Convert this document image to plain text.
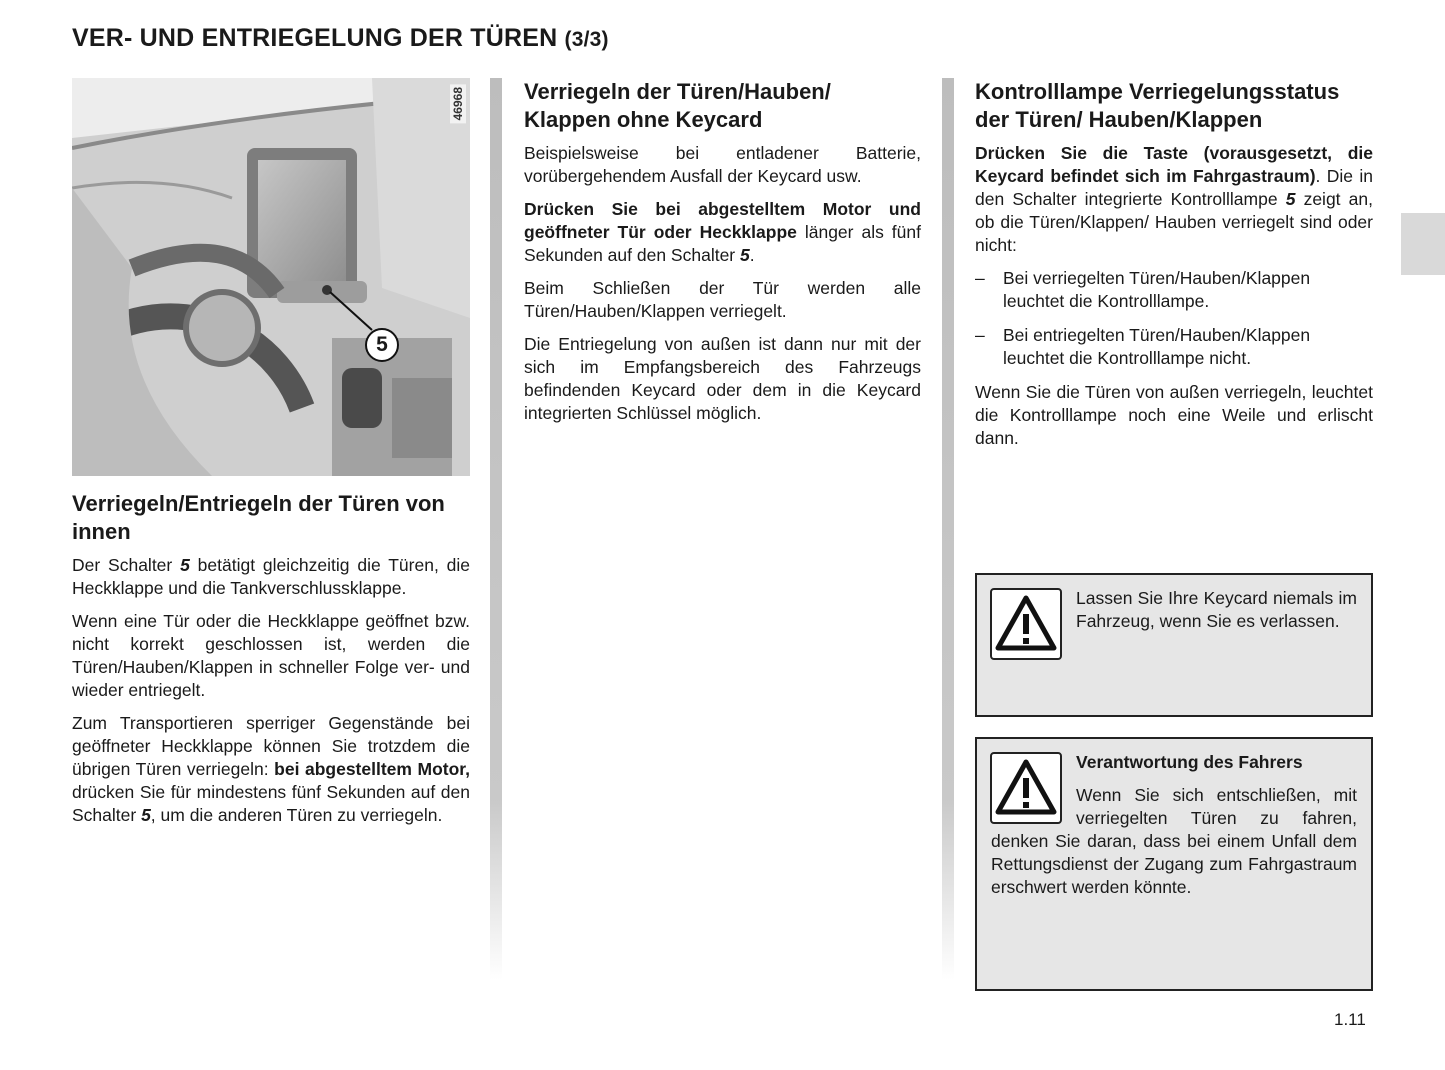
VER- UND ENTRIEGELUNG DER TÜREN (3/3)
46968
5
Verriegeln/Entriegeln der Türen von innen

Der Schalter 5 betätigt gleichzeitig die Türen, die Heckklappe und die Tankverschlussklappe.

Wenn eine Tür oder die Heckklappe geöffnet bzw. nicht korrekt geschlossen ist, werden die Türen/Hauben/Klappen in schneller Folge ver- und wieder entriegelt.

Zum Transportieren sperriger Gegenstände bei geöffneter Heckklappe können Sie trotzdem die übrigen Türen verriegeln: bei abgestelltem Motor, drücken Sie für mindestens fünf Sekunden auf den Schalter 5, um die anderen Türen zu verriegeln.

Verriegeln der Türen/Hauben/ Klappen ohne Keycard

Beispielsweise bei entladener Batterie, vorübergehendem Ausfall der Keycard usw.

Drücken Sie bei abgestelltem Motor und geöffneter Tür oder Heckklappe länger als fünf Sekunden auf den Schalter 5.

Beim Schließen der Tür werden alle Türen/Hauben/Klappen verriegelt.

Die Entriegelung von außen ist dann nur mit der sich im Empfangsbereich des Fahrzeugs befindenden Keycard oder dem in die Keycard integrierten Schlüssel möglich.

Kontrolllampe Verriegelungsstatus der Türen/ Hauben/Klappen

Drücken Sie die Taste (vorausgesetzt, die Keycard befindet sich im Fahrgastraum). Die in den Schalter integrierte Kontrolllampe 5 zeigt an, ob die Türen/Klappen/ Hauben verriegelt sind oder nicht:

– Bei verriegelten Türen/Hauben/Klappen leuchtet die Kontrolllampe.
– Bei entriegelten Türen/Hauben/Klappen leuchtet die Kontrolllampe nicht.

Wenn Sie die Türen von außen verriegeln, leuchtet die Kontrolllampe noch eine Weile und erlischt dann.

Lassen Sie Ihre Keycard niemals im Fahrzeug, wenn Sie es verlassen.
Verantwortung des Fahrers
Wenn Sie sich entschließen, mit verriegelten Türen zu fahren, denken Sie daran, dass bei einem Unfall dem Rettungsdienst der Zugang zum Fahrgastraum erschwert werden könnte.
1.11
